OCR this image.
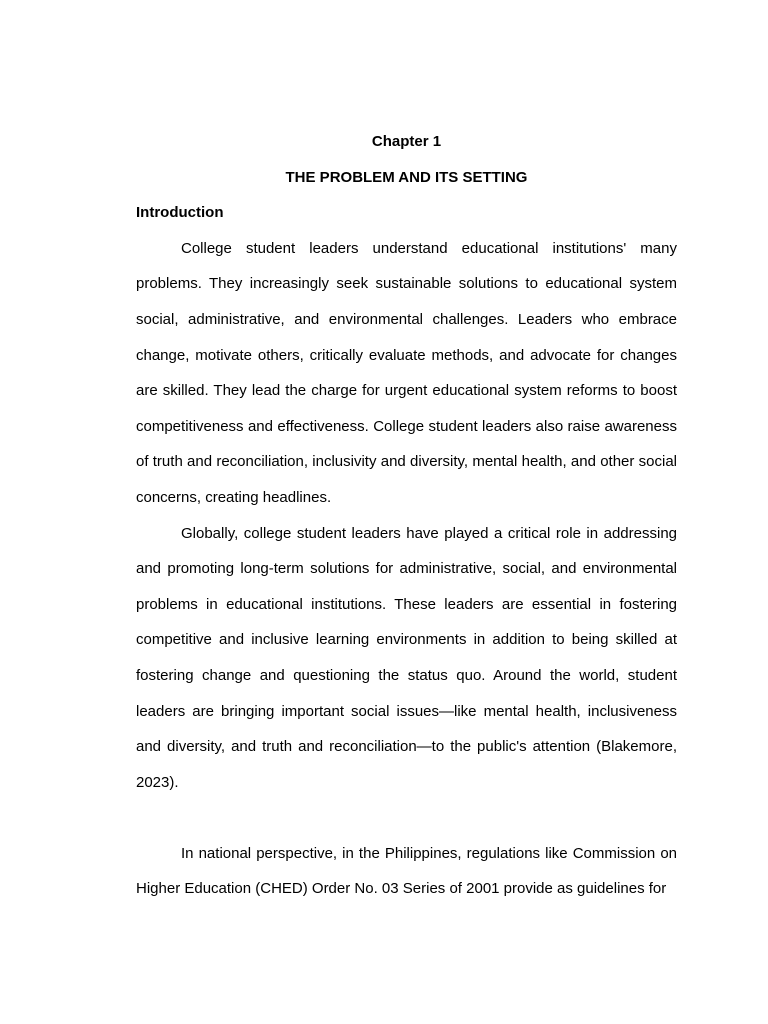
Chapter 1

THE PROBLEM AND ITS SETTING

Introduction

College student leaders understand educational institutions' many problems. They increasingly seek sustainable solutions to educational system social, administrative, and environmental challenges. Leaders who embrace change, motivate others, critically evaluate methods, and advocate for changes are skilled. They lead the charge for urgent educational system reforms to boost competitiveness and effectiveness. College student leaders also raise awareness of truth and reconciliation, inclusivity and diversity, mental health, and other social concerns, creating headlines.

Globally, college student leaders have played a critical role in addressing and promoting long-term solutions for administrative, social, and environmental problems in educational institutions. These leaders are essential in fostering competitive and inclusive learning environments in addition to being skilled at fostering change and questioning the status quo. Around the world, student leaders are bringing important social issues—like mental health, inclusiveness and diversity, and truth and reconciliation—to the public's attention (Blakemore, 2023).

In national perspective, in the Philippines, regulations like Commission on Higher Education (CHED) Order No. 03 Series of 2001 provide as guidelines for
